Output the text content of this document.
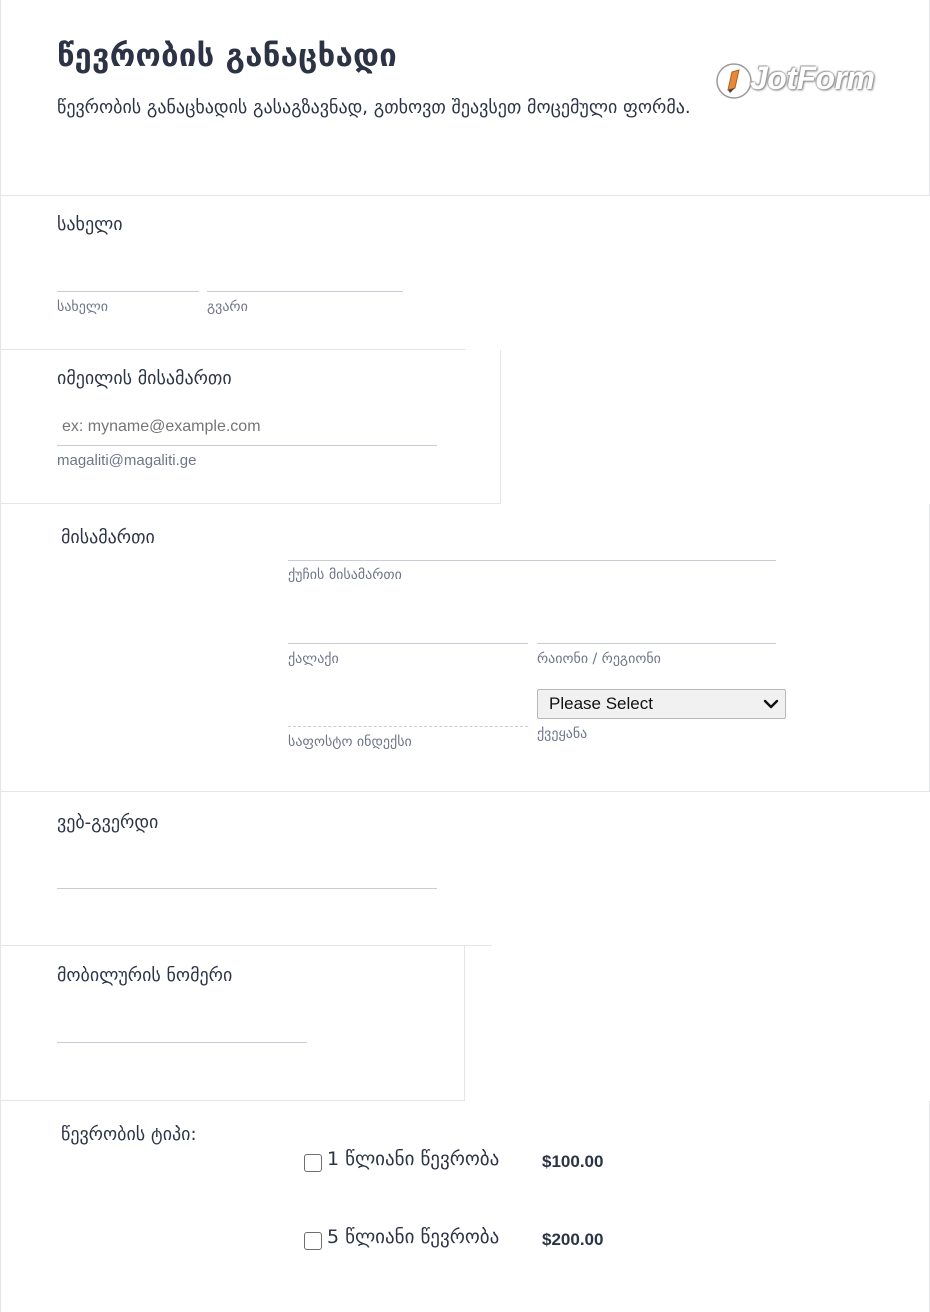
წევრობის განაცხადი
წევრობის განაცხადის გასაგზავნად, გთხოვთ შეავსეთ მოცემული ფორმა.
JotForm
სახელი
სახელი	გვარი
იმეილის მისამართი
ex: myname@example.com
magaliti@magaliti.ge
მისამართი
ქუჩის მისამართი
ქალაქი	რაიონი / რეგიონი
საფოსტო ინდექსი
Please Select
ქვეყანა
ვებ-გვერდი
მობილურის ნომერი
წევრობის ტიპი:
1 წლიანი წევრობა	$100.00
5 წლიანი წევრობა	$200.00
